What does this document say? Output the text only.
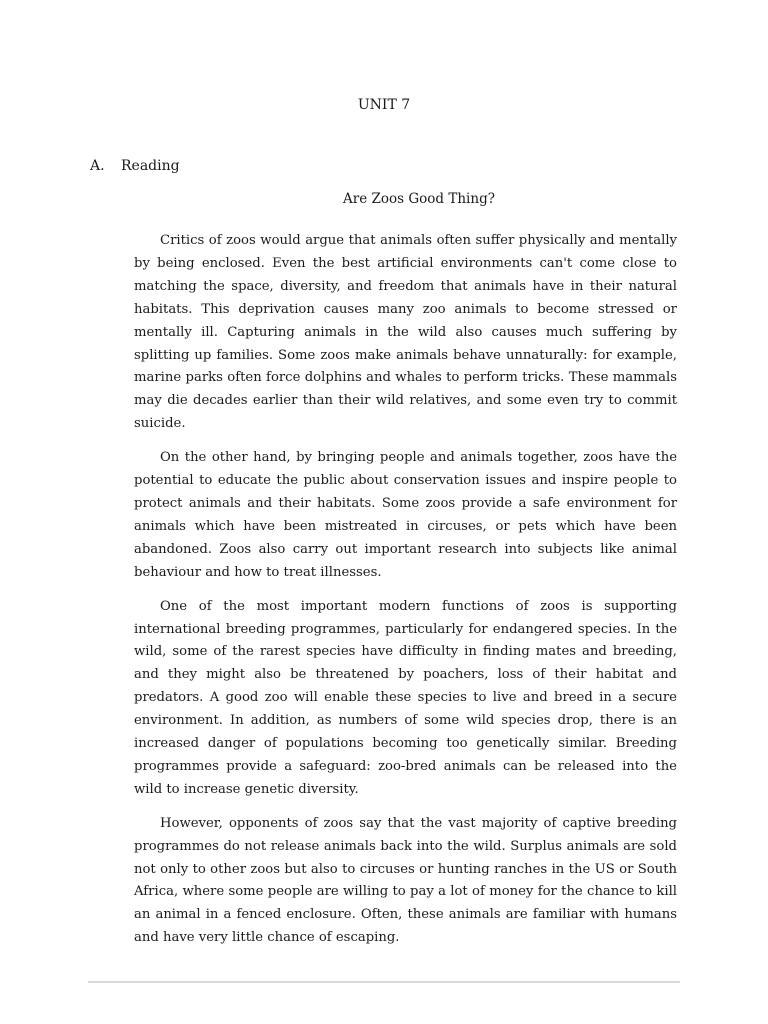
UNIT 7
A.	Reading
Are Zoos Good Thing?

Critics of zoos would argue that animals often suffer physically and mentally by being enclosed. Even the best artificial environments can't come close to matching the space, diversity, and freedom that animals have in their natural habitats. This deprivation causes many zoo animals to become stressed or mentally ill. Capturing animals in the wild also causes much suffering by splitting up families. Some zoos make animals behave unnaturally: for example, marine parks often force dolphins and whales to perform tricks. These mammals may die decades earlier than their wild relatives, and some even try to commit suicide.

On the other hand, by bringing people and animals together, zoos have the potential to educate the public about conservation issues and inspire people to protect animals and their habitats. Some zoos provide a safe environment for animals which have been mistreated in circuses, or pets which have been abandoned. Zoos also carry out important research into subjects like animal behaviour and how to treat illnesses.

One of the most important modern functions of zoos is supporting international breeding programmes, particularly for endangered species. In the wild, some of the rarest species have difficulty in finding mates and breeding, and they might also be threatened by poachers, loss of their habitat and predators. A good zoo will enable these species to live and breed in a secure environment. In addition, as numbers of some wild species drop, there is an increased danger of populations becoming too genetically similar. Breeding programmes provide a safeguard: zoo-bred animals can be released into the wild to increase genetic diversity.

However, opponents of zoos say that the vast majority of captive breeding programmes do not release animals back into the wild. Surplus animals are sold not only to other zoos but also to circuses or hunting ranches in the US or South Africa, where some people are willing to pay a lot of money for the chance to kill an animal in a fenced enclosure. Often, these animals are familiar with humans and have very little chance of escaping.
